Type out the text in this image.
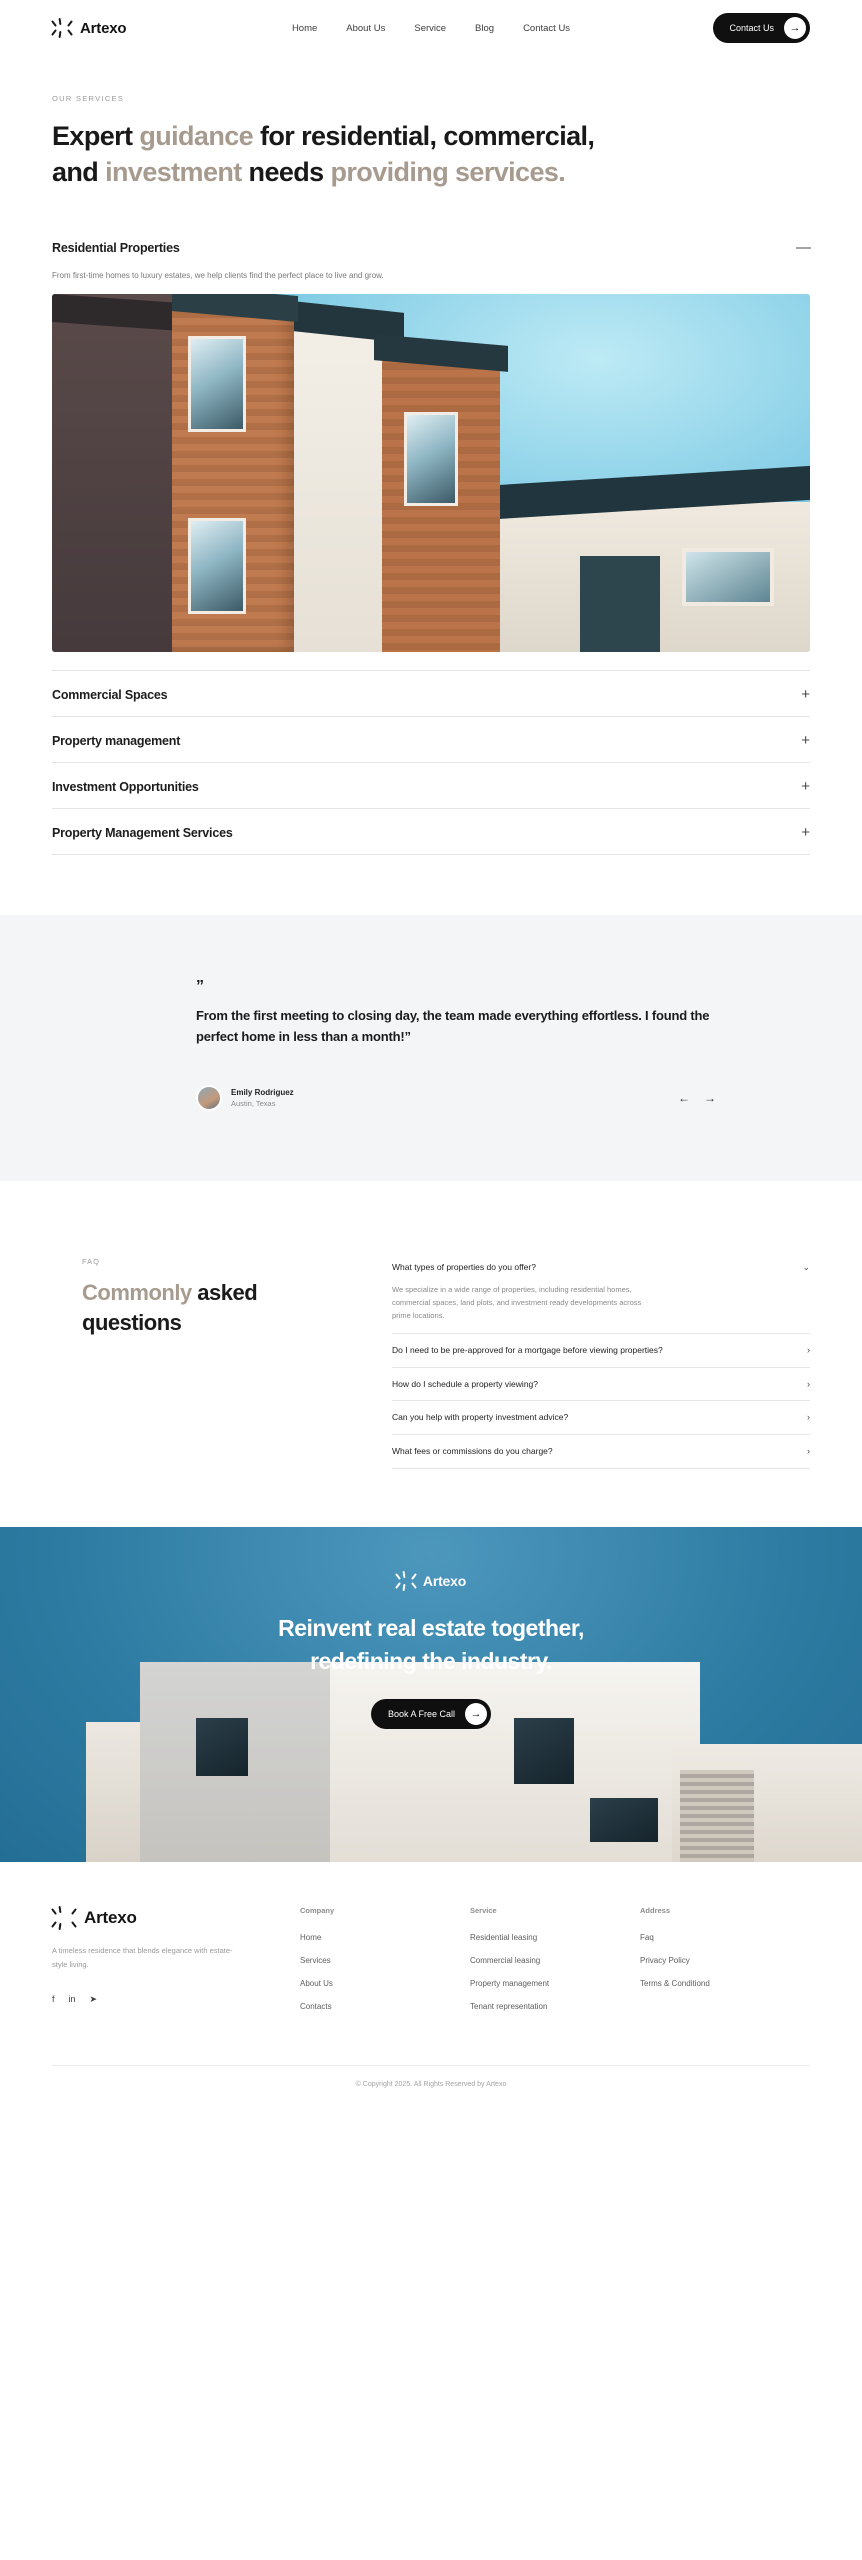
Artexo	Home	About Us	Service	Blog	Contact Us	Contact Us	→
OUR SERVICES
Expert guidance for residential, commercial, and investment needs providing services.
Residential Properties	—
From first-time homes to luxury estates, we help clients find the perfect place to live and grow.
Commercial Spaces	+
Property management	+
Investment Opportunities	+
Property Management Services	+
”
From the first meeting to closing day, the team made everything effortless. I found the perfect home in less than a month!”
Emily Rodriguez
Austin, Texas	← →
FAQ
Commonly asked questions
What types of properties do you offer?	⌄
We specialize in a wide range of properties, including residential homes, commercial spaces, land plots, and investment ready developments across prime locations.
Do I need to be pre-approved for a mortgage before viewing properties?	›
How do I schedule a property viewing?	›
Can you help with property investment advice?	›
What fees or commissions do you charge?	›
Artexo
Reinvent real estate together, redefining the industry.
Book A Free Call	→
Artexo
A timeless residence that blends elegance with estate-style living.
f in ➤
Company
Home
Services
About Us
Contacts
Service
Residential leasing
Commercial leasing
Property management
Tenant representation
Address
Faq
Privacy Policy
Terms & Conditiond
© Copyright 2025. All Rights Reserved by Artexo
